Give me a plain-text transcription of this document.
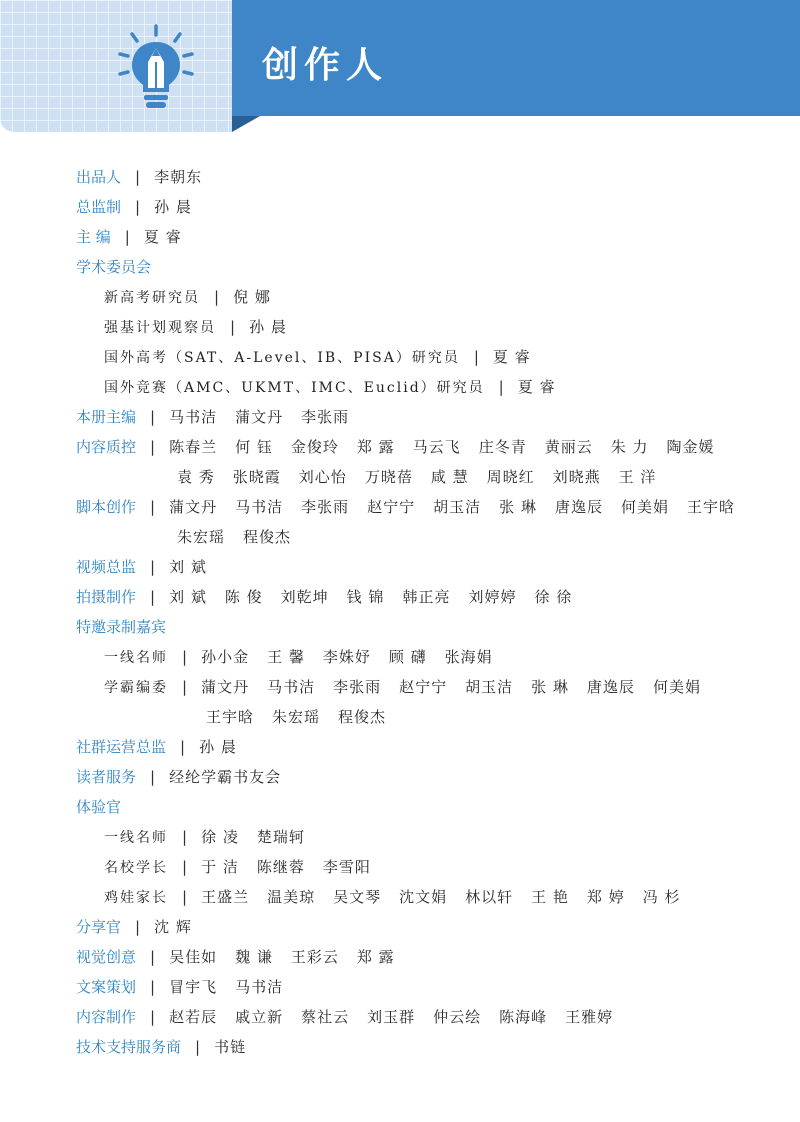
创作人
出品人 | 李朝东
总监制 | 孙 晨
主 编 | 夏 睿
学术委员会
新高考研究员 | 倪 娜
强基计划观察员 | 孙 晨
国外高考（SAT、A-Level、IB、PISA）研究员 | 夏 睿
国外竞赛（AMC、UKMT、IMC、Euclid）研究员 | 夏 睿
本册主编 | 马书洁 蒲文丹 李张雨
内容质控 | 陈春兰 何 钰 金俊玲 郑 露 马云飞 庄冬青 黄丽云 朱 力 陶金媛
袁 秀 张晓霞 刘心怡 万晓蓓 咸 慧 周晓红 刘晓燕 王 洋
脚本创作 | 蒲文丹 马书洁 李张雨 赵宁宁 胡玉洁 张 琳 唐逸辰 何美娟 王宇晗
朱宏瑶 程俊杰
视频总监 | 刘 斌
拍摄制作 | 刘 斌 陈 俊 刘乾坤 钱 锦 韩正亮 刘婷婷 徐 徐
特邀录制嘉宾
一线名师 | 孙小金 王 馨 李姝妤 顾 礴 张海娟
学霸编委 | 蒲文丹 马书洁 李张雨 赵宁宁 胡玉洁 张 琳 唐逸辰 何美娟
王宇晗 朱宏瑶 程俊杰
社群运营总监 | 孙 晨
读者服务 | 经纶学霸书友会
体验官
一线名师 | 徐 凌 楚瑞轲
名校学长 | 于 洁 陈继蓉 李雪阳
鸡娃家长 | 王盛兰 温美琼 吴文琴 沈文娟 林以轩 王 艳 郑 婷 冯 杉
分享官 | 沈 辉
视觉创意 | 吴佳如 魏 谦 王彩云 郑 露
文案策划 | 冒宇飞 马书洁
内容制作 | 赵若辰 戚立新 蔡社云 刘玉群 仲云绘 陈海峰 王雅婷
技术支持服务商 | 书链
